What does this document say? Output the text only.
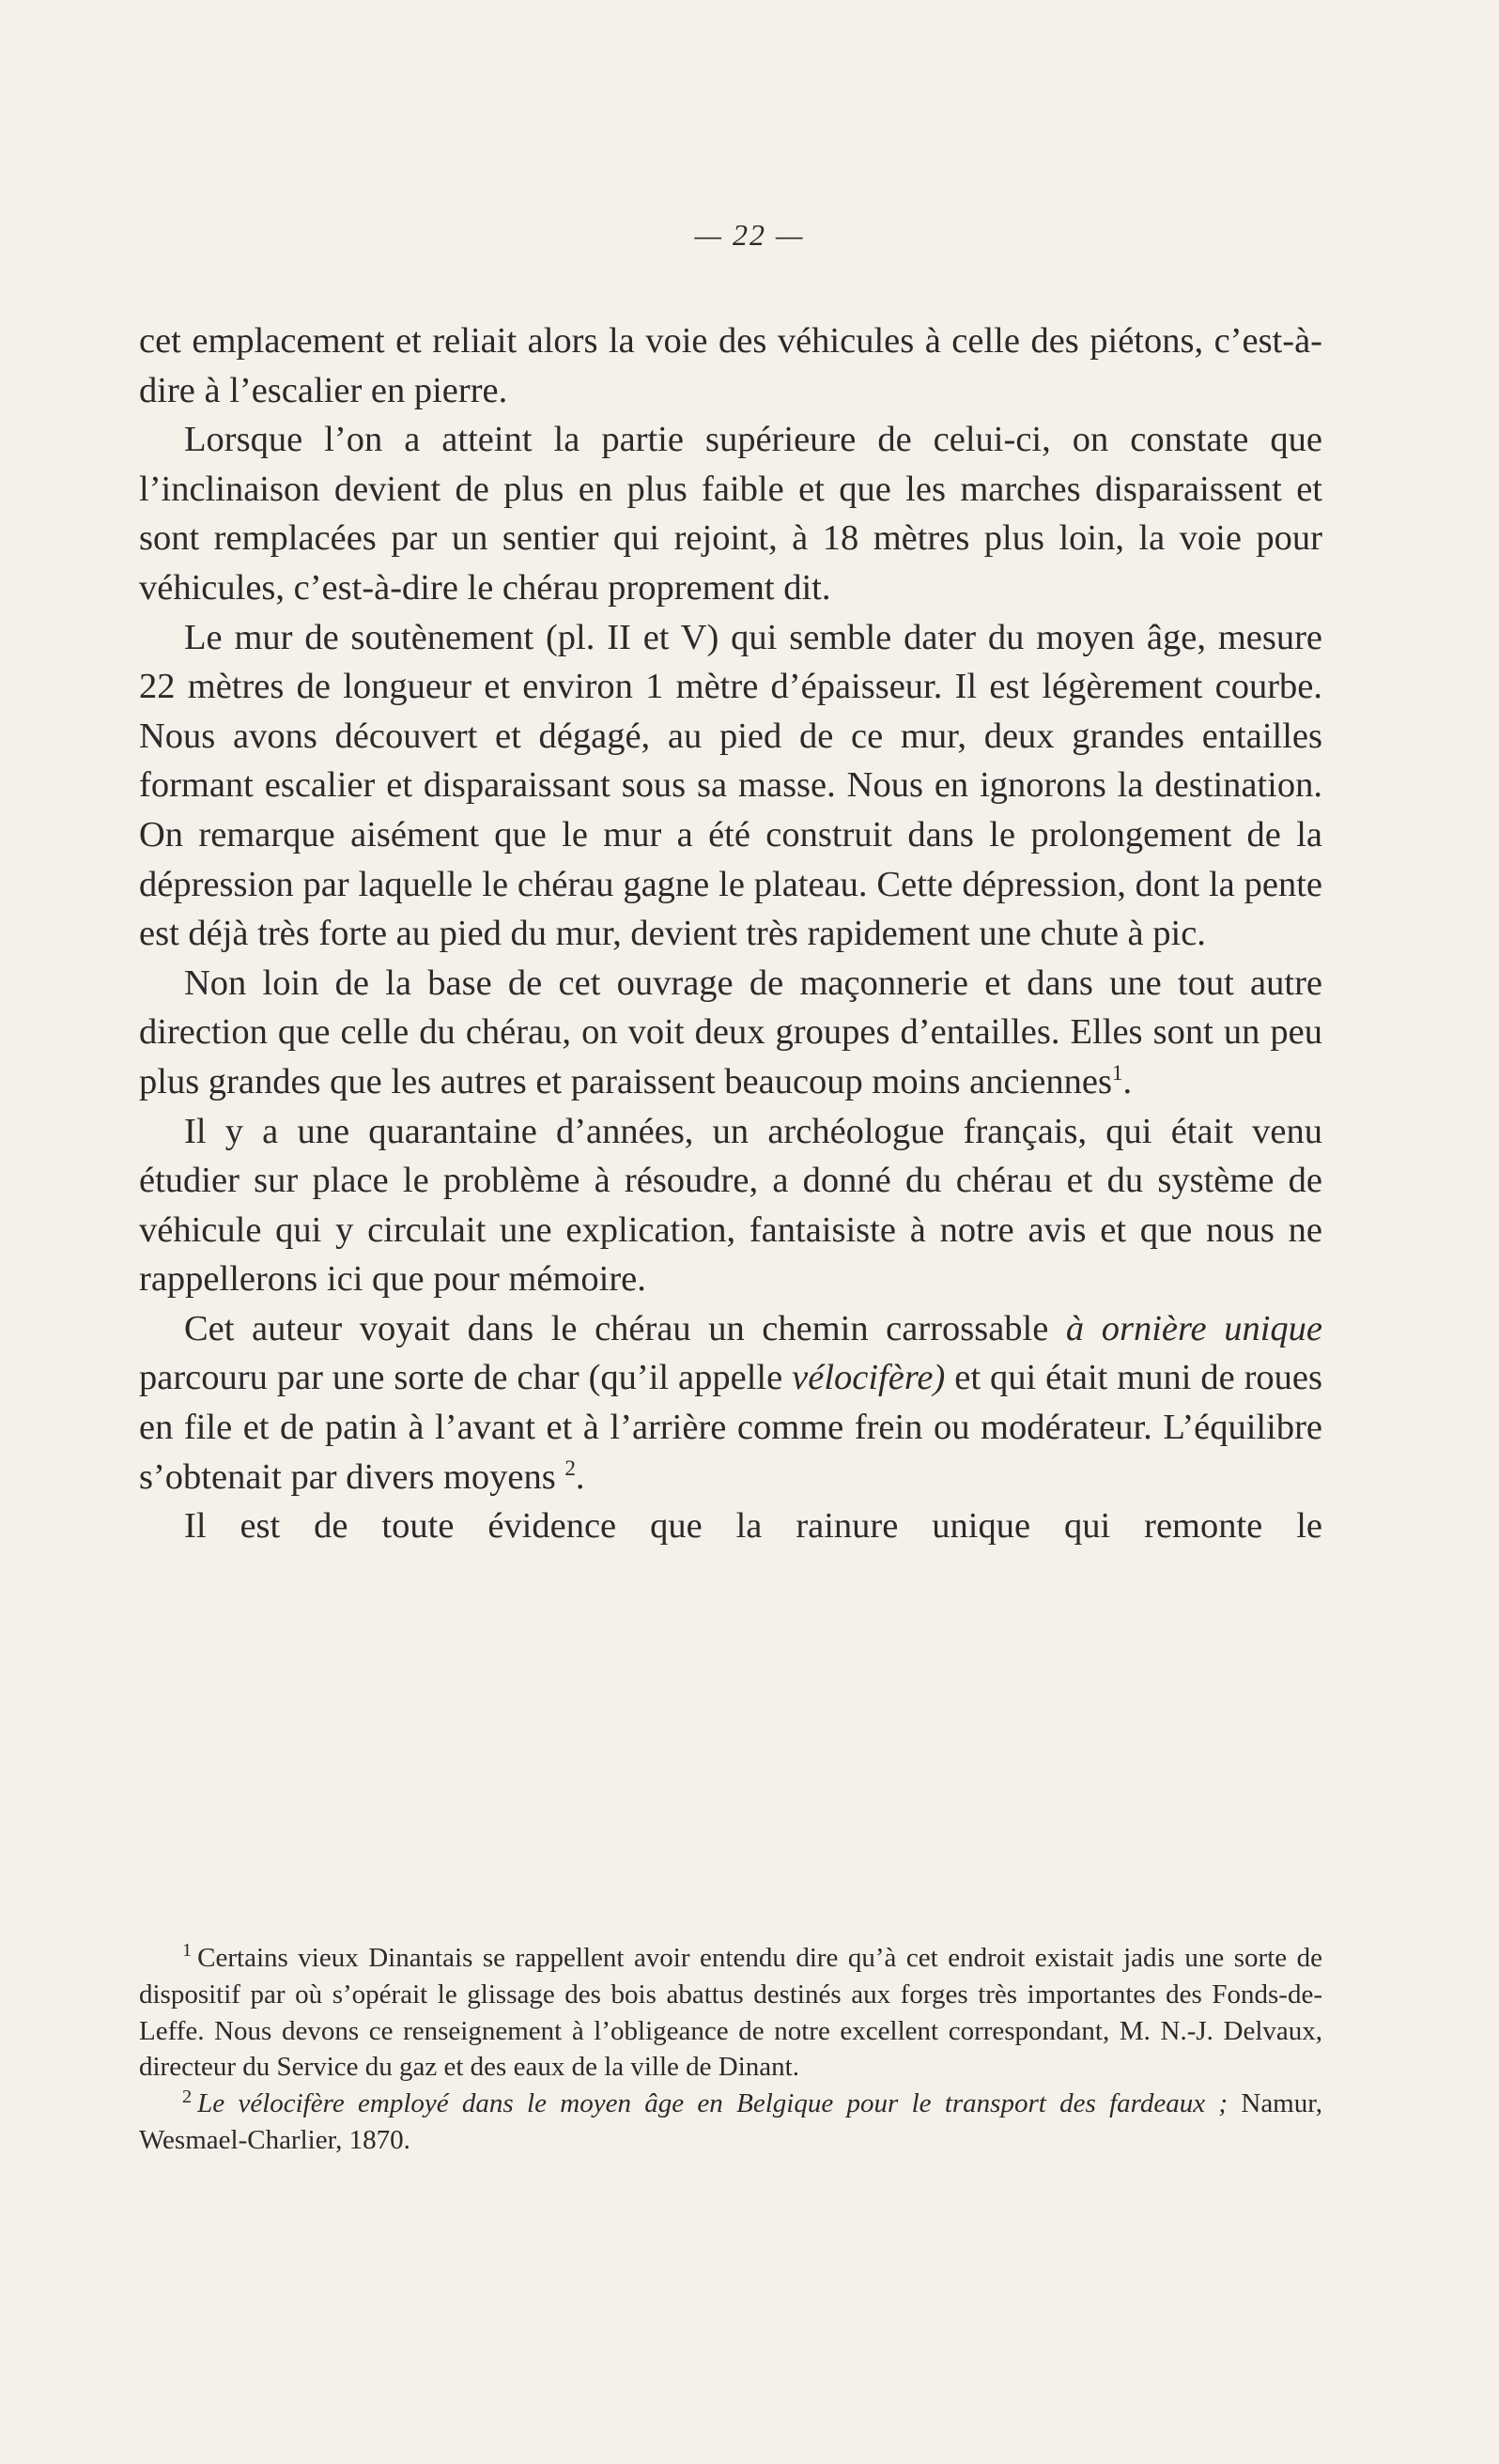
— 22 —

cet emplacement et reliait alors la voie des véhicules à celle des piétons, c’est-à-dire à l’escalier en pierre.

Lorsque l’on a atteint la partie supérieure de celui-ci, on constate que l’inclinaison devient de plus en plus faible et que les marches disparaissent et sont remplacées par un sentier qui rejoint, à 18 mètres plus loin, la voie pour véhicules, c’est-à-dire le chérau proprement dit.

Le mur de soutènement (pl. II et V) qui semble dater du moyen âge, mesure 22 mètres de longueur et environ 1 mètre d’épaisseur. Il est légèrement courbe. Nous avons découvert et dégagé, au pied de ce mur, deux grandes entailles formant escalier et disparaissant sous sa masse. Nous en ignorons la destination. On remarque aisément que le mur a été construit dans le prolongement de la dépression par laquelle le chérau gagne le plateau. Cette dépression, dont la pente est déjà très forte au pied du mur, devient très rapidement une chute à pic.

Non loin de la base de cet ouvrage de maçonnerie et dans une tout autre direction que celle du chérau, on voit deux groupes d’entailles. Elles sont un peu plus grandes que les autres et paraissent beaucoup moins anciennes$^1$.

Il y a une quarantaine d’années, un archéologue français, qui était venu étudier sur place le problème à résoudre, a donné du chérau et du système de véhicule qui y circulait une explication, fantaisiste à notre avis et que nous ne rappellerons ici que pour mémoire.

Cet auteur voyait dans le chérau un chemin carrossable à ornière unique parcouru par une sorte de char (qu’il appelle vélocifère) et qui était muni de roues en file et de patin à l’avant et à l’arrière comme frein ou modérateur. L’équilibre s’obtenait par divers moyens $^2$.

Il est de toute évidence que la rainure unique qui remonte le

$^1$ Certains vieux Dinantais se rappellent avoir entendu dire qu’à cet endroit existait jadis une sorte de dispositif par où s’opérait le glissage des bois abattus destinés aux forges très importantes des Fonds-de-Leffe. Nous devons ce renseignement à l’obligeance de notre excellent correspondant, M. N.-J. Delvaux, directeur du Service du gaz et des eaux de la ville de Dinant.

$^2$ Le vélocifère employé dans le moyen âge en Belgique pour le transport des fardeaux ; Namur, Wesmael-Charlier, 1870.
